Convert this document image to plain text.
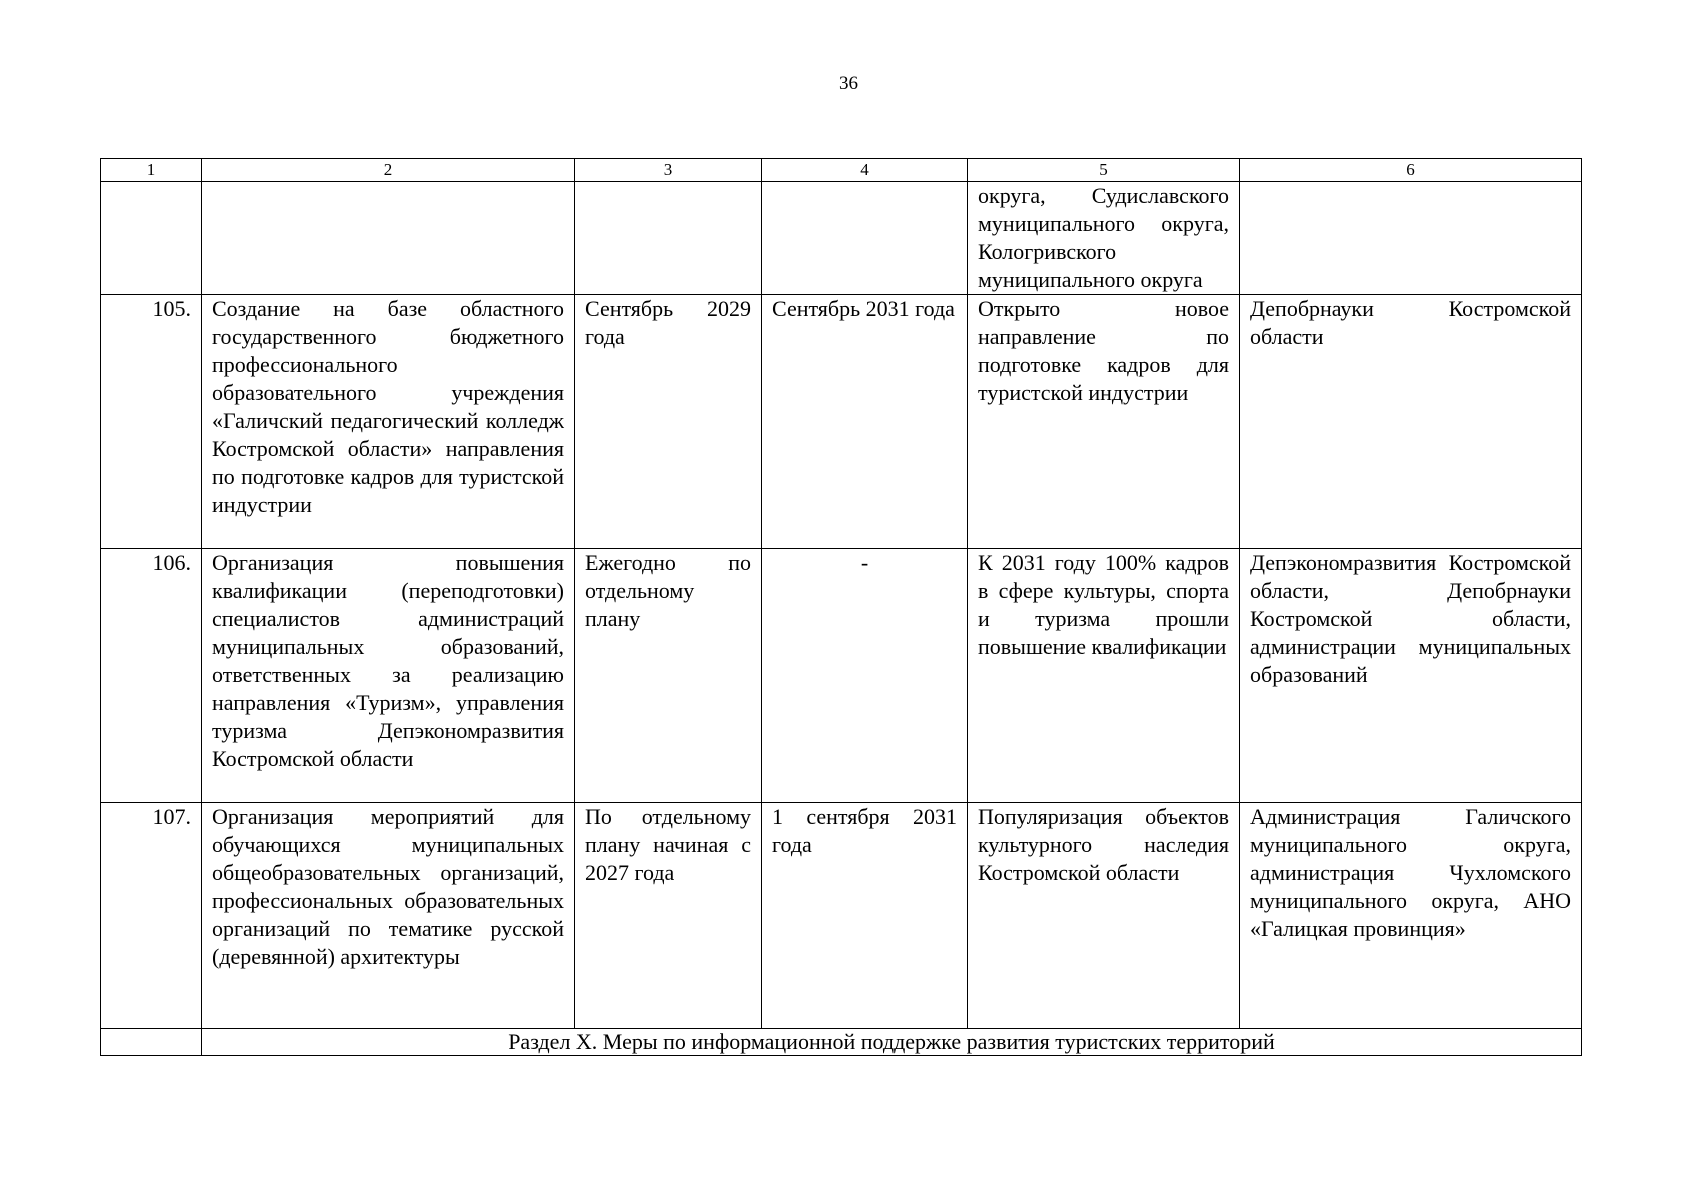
36
1	2	3	4	5	6
				округа, Судиславского муниципального округа, Кологривского муниципального округа	
105.	Создание на базе областного государственного бюджетного профессионального образовательного учреждения «Галичский педагогический колледж Костромской области» направления по подготовке кадров для туристской индустрии	Сентябрь 2029 года	Сентябрь 2031 года	Открыто новое направление по подготовке кадров для туристской индустрии	Депобрнауки Костромской области
106.	Организация повышения квалификации (переподготовки) специалистов администраций муниципальных образований, ответственных за реализацию направления «Туризм», управления туризма Депэкономразвития Костромской области	Ежегодно по отдельному плану	-	К 2031 году 100% кадров в сфере культуры, спорта и туризма прошли повышение квалификации	Депэкономразвития Костромской области, Депобрнауки Костромской области, администрации муниципальных образований
107.	Организация мероприятий для обучающихся муниципальных общеобразовательных организаций, профессиональных образовательных организаций по тематике русской (деревянной) архитектуры	По отдельному плану начиная с 2027 года	1 сентября 2031 года	Популяризация объектов культурного наследия Костромской области	Администрация Галичского муниципального округа, администрация Чухломского муниципального округа, АНО «Галицкая провинция»
	Раздел X. Меры по информационной поддержке развития туристских территорий				
